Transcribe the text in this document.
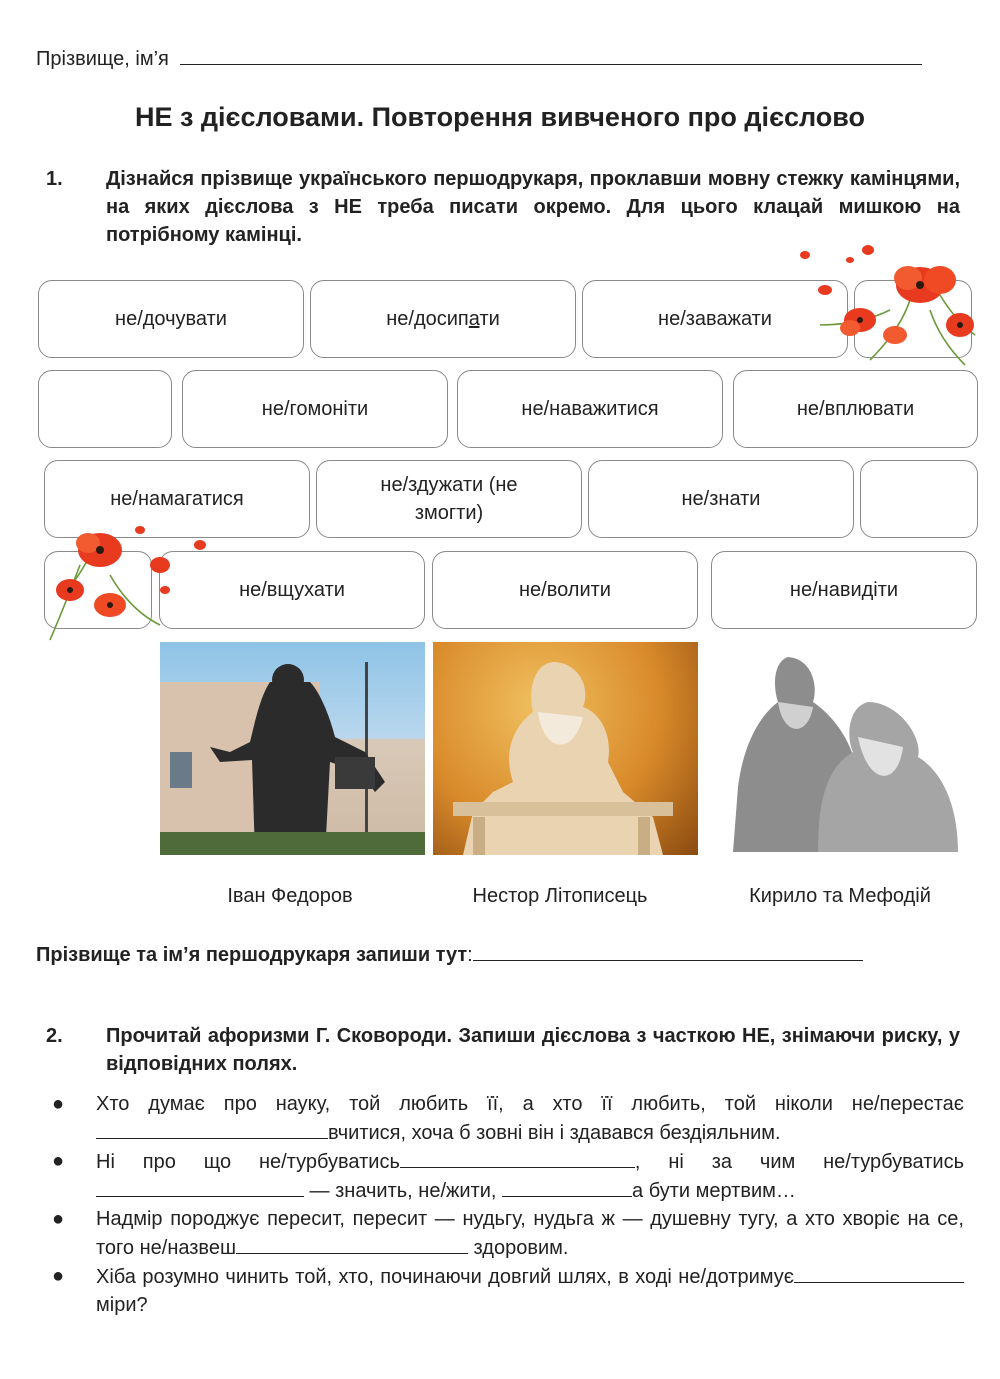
Прізвище, ім’я
НЕ з дієсловами. Повторення вивченого про дієслово
1. Дізнайся прізвище українського першодрукаря, проклавши мовну стежку камінцями, на яких дієслова з НЕ треба писати окремо. Для цього клацай мишкою на потрібному камінці.
не/дочувати	не/досипати	не/заважати
не/гомоніти	не/наважитися	не/вплювати
не/намагатися
не/здужати (не змогти)
не/знати
не/вщухати	не/волити	не/навидіти
Іван Федоров	Нестор Літописець	Кирило та Мефодій
Прізвище та ім’я першодрукаря запиши тут:
2. Прочитай афоризми Г. Сковороди. Запиши дієслова з часткою НЕ, знімаючи риску, у відповідних полях.
● Хто думає про науку, той любить її, а хто її любить, той ніколи не/перестає вчитися, хоча б зовні він і здавався бездіяльним.
● Ні про що не/турбуватись	, ні за чим не/турбуватись — значить, не/жити,	а бути мертвим…
● Надмір породжує пересит, пересит — нудьгу, нудьга ж — душевну тугу, а хто хворіє на се, того не/назвеш	здоровим.
● Хіба розумно чинить той, хто, починаючи довгий шлях, в ході не/дотримує міри?
